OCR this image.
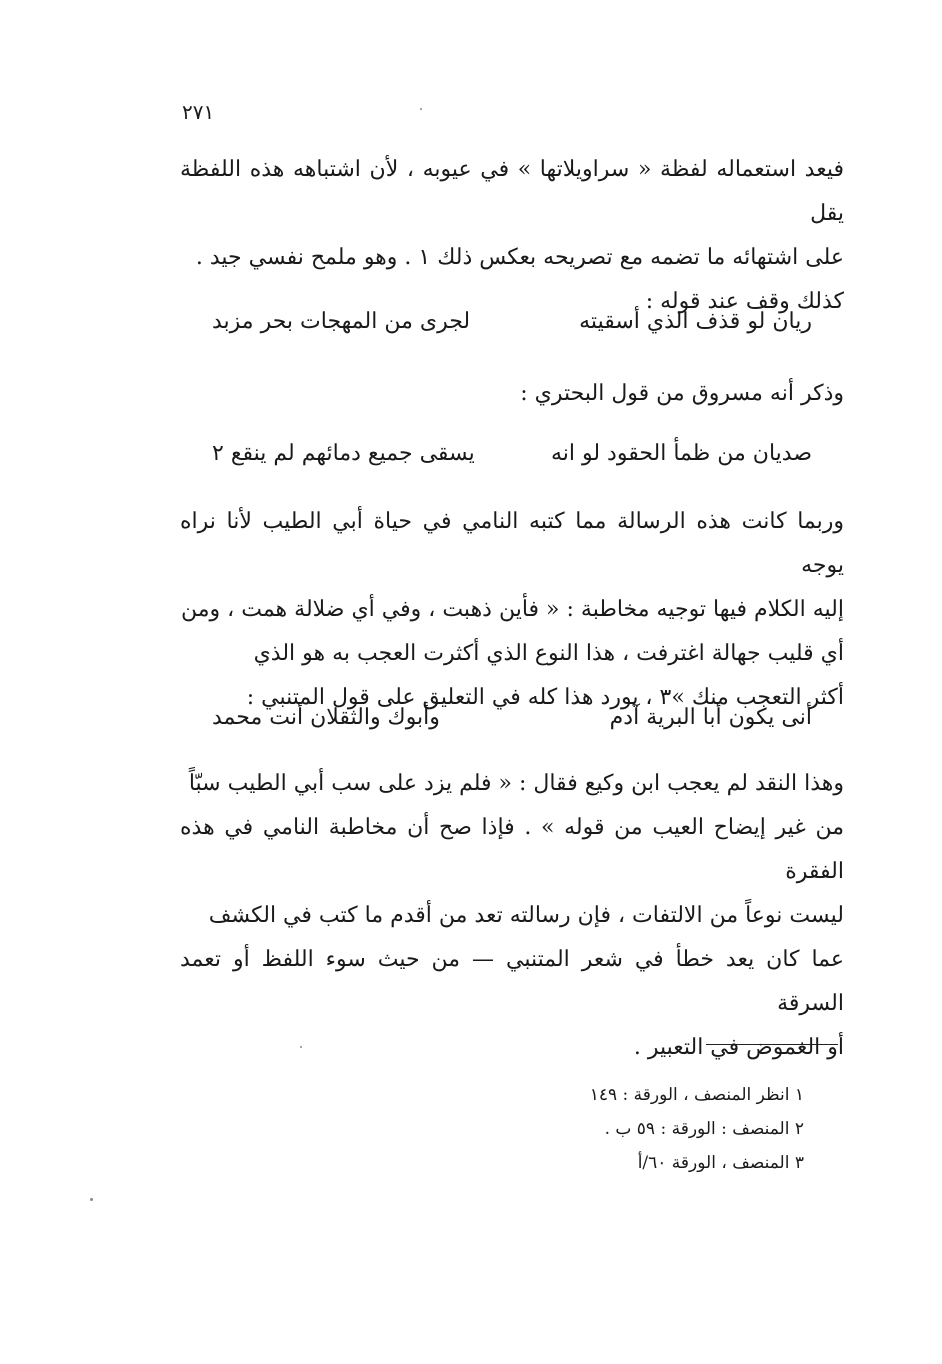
٢٧١

فيعد استعماله لفظة « سراويلاتها » في عيوبه ، لأن اشتباهه هذه اللفظة يقل

على اشتهائه ما تضمه مع تصريحه بعكس ذلك ١ . وهو ملمح نفسي جيد .

كذلك وقف عند قوله :

ريان لو قذف الذي أسقيته
لجرى من المهجات بحر مزبد

وذكر أنه مسروق من قول البحتري :

صديان من ظمأ الحقود لو انه
يسقى جميع دمائهم لم ينقع ٢

وربما كانت هذه الرسالة مما كتبه النامي في حياة أبي الطيب لأنا نراه يوجه

إليه الكلام فيها توجيه مخاطبة : « فأين ذهبت ، وفي أي ضلالة همت ، ومن

أي قليب جهالة اغترفت ، هذا النوع الذي أكثرت العجب به هو الذي

أكثر التعجب منك »٣ ، يورد هذا كله في التعليق على قول المتنبي :

أنى يكون أبا البرية آدم
وأبوك والثقلان أنت محمد

وهذا النقد لم يعجب ابن وكيع فقال : « فلم يزد على سب أبي الطيب سبّاً

من غير إيضاح العيب من قوله » . فإذا صح أن مخاطبة النامي في هذه الفقرة

ليست نوعاً من الالتفات ، فإن رسالته تعد من أقدم ما كتب في الكشف

عما كان يعد خطأ في شعر المتنبي — من حيث سوء اللفظ أو تعمد السرقة

أو الغموض في التعبير .

١ انظر المنصف ، الورقة : ١٤٩
٢ المنصف : الورقة : ٥٩ ب .
٣ المنصف ، الورقة ٦٠/أ
